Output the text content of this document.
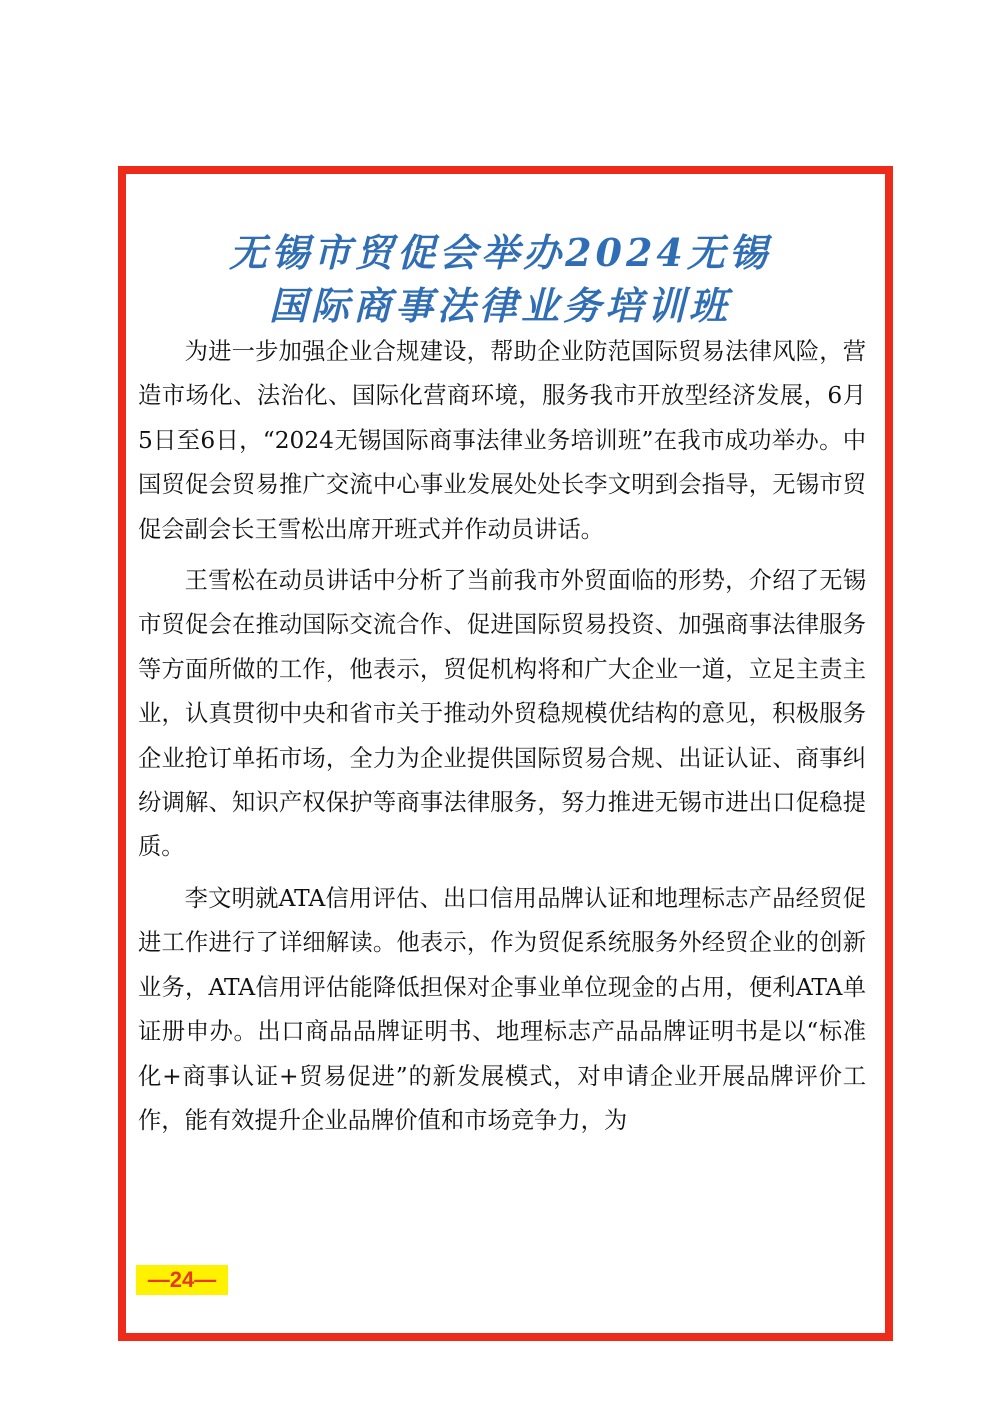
无锡市贸促会举办2024无锡
国际商事法律业务培训班

为进一步加强企业合规建设，帮助企业防范国际贸易法律风险，营造市场化、法治化、国际化营商环境，服务我市开放型经济发展，6月5日至6日，“2024无锡国际商事法律业务培训班”在我市成功举办。中国贸促会贸易推广交流中心事业发展处处长李文明到会指导，无锡市贸促会副会长王雪松出席开班式并作动员讲话。

王雪松在动员讲话中分析了当前我市外贸面临的形势，介绍了无锡市贸促会在推动国际交流合作、促进国际贸易投资、加强商事法律服务等方面所做的工作，他表示，贸促机构将和广大企业一道，立足主责主业，认真贯彻中央和省市关于推动外贸稳规模优结构的意见，积极服务企业抢订单拓市场，全力为企业提供国际贸易合规、出证认证、商事纠纷调解、知识产权保护等商事法律服务，努力推进无锡市进出口促稳提质。

李文明就ATA信用评估、出口信用品牌认证和地理标志产品经贸促进工作进行了详细解读。他表示，作为贸促系统服务外经贸企业的创新业务，ATA信用评估能降低担保对企事业单位现金的占用，便利ATA单证册申办。出口商品品牌证明书、地理标志产品品牌证明书是以“标准化+商事认证+贸易促进”的新发展模式，对申请企业开展品牌评价工作，能有效提升企业品牌价值和市场竞争力，为

—24—
